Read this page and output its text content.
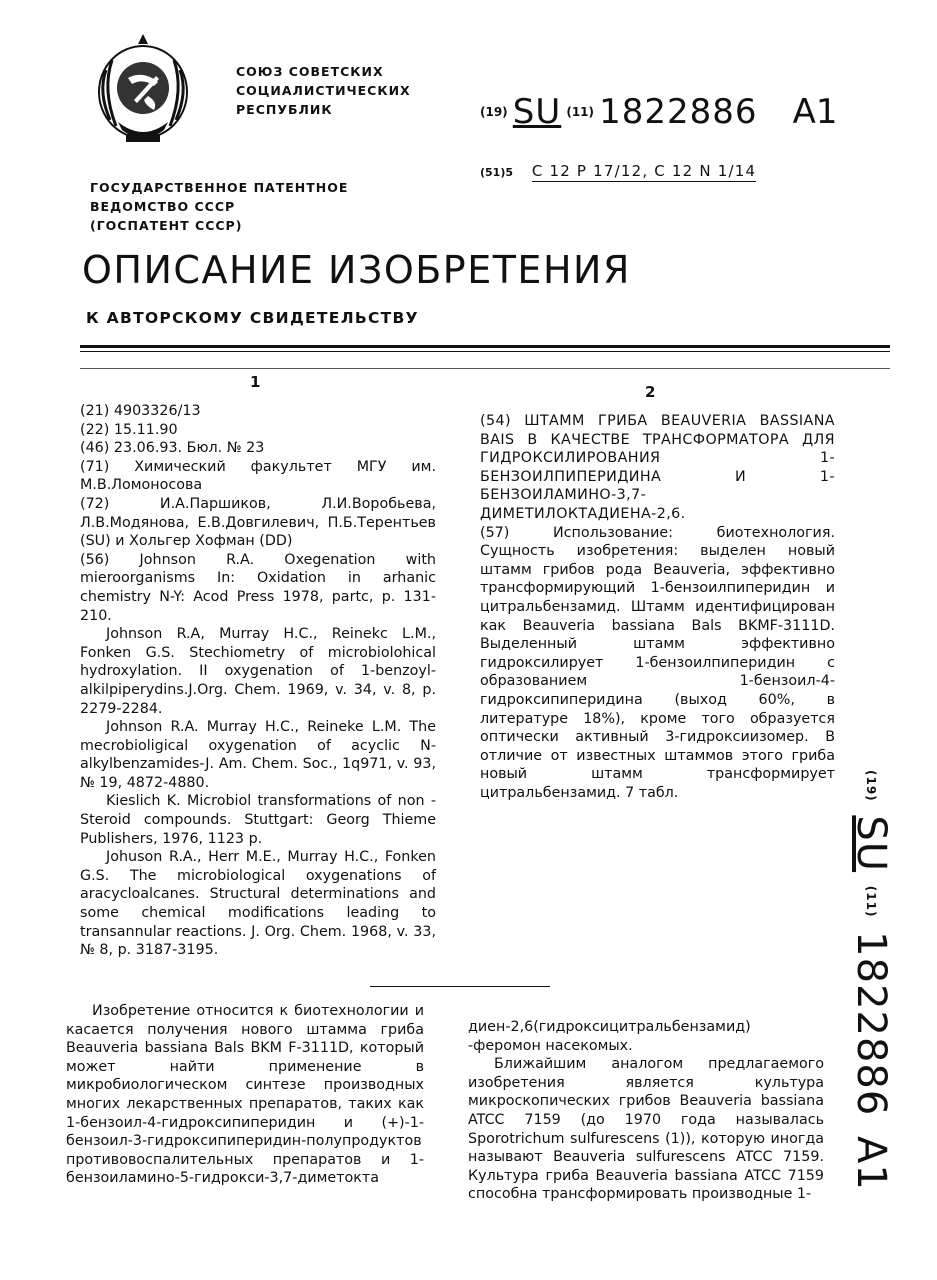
СОЮЗ СОВЕТСКИХ
СОЦИАЛИСТИЧЕСКИХ
РЕСПУБЛИК	(19) SU (11) 1822886 A1
(51)5 С 12 Р 17/12, С 12 N 1/14
ГОСУДАРСТВЕННОЕ ПАТЕНТНОЕ
ВЕДОМСТВО СССР
(ГОСПАТЕНТ СССР)
ОПИСАНИЕ ИЗОБРЕТЕНИЯ
К АВТОРСКОМУ СВИДЕТЕЛЬСТВУ
1
2

(21) 4903326/13

(22) 15.11.90

(46) 23.06.93. Бюл. № 23

(71) Химический факультет МГУ им. М.В.Ломоносова

(72) И.А.Паршиков, Л.И.Воробьева, Л.В.Модянова, Е.В.Довгилевич, П.Б.Терентьев (SU) и Хольгер Хофман (DD)

(56) Johnson R.A. Oxegenation with mieroorganisms In: Oxidation in arhanic chemistry N-Y: Acod Press 1978, partc, p. 131-210.

Johnson R.A, Murray H.C., Reinekc L.M., Fonken G.S. Stechiometry of microbiolohical hydroxylation. II oxygenation of 1-benzoyl-alkilpiperydins.J.Org. Chem. 1969, v. 34, v. 8, p. 2279-2284.

Johnson R.A. Murray H.C., Reineke L.M. The mecrobioligical oxygenation of acyclic N-alkylbenzamides-J. Am. Chem. Soc., 1q971, v. 93, № 19, 4872-4880.

Kieslich K. Microbiol transformations of non - Steroid compounds. Stuttgart: Georg Thieme Publishers, 1976, 1123 p.

Johuson R.A., Herr M.E., Murray H.C., Fonken G.S. The microbiological oxygenations of aracycloalcanes. Structural determinations and some chemical modifications leading to transannular reactions. J. Org. Chem. 1968, v. 33, № 8, p. 3187-3195.

(54) ШТАММ ГРИБА BEAUVERIA BASSIANA BAIS В КАЧЕСТВЕ ТРАНСФОРМАТОРА ДЛЯ ГИДРОКСИЛИРОВАНИЯ 1-БЕНЗОИЛПИПЕРИДИНА И 1-БЕНЗОИЛАМИНО-3,7-ДИМЕТИЛОКТАДИЕНА-2,6.

(57) Использование: биотехнология. Сущность изобретения: выделен новый штамм грибов рода Beauveria, эффективно трансформирующий 1-бензоилпиперидин и цитральбензамид. Штамм идентифицирован как Beauveria bassiana Bals BKMF-3111D. Выделенный штамм эффективно гидроксилирует 1-бензоилпиперидин с образованием 1-бензоил-4-гидроксипиперидина (выход 60%, в литературе 18%), кроме того образуется оптически активный 3-гидроксиизомер. В отличие от известных штаммов этого гриба новый штамм трансформирует цитральбензамид. 7 табл.

Изобретение относится к биотехнологии и касается получения нового штамма гриба Beauveria bassiana Bals BKM F-3111D, который может найти применение в микробиологическом синтезе производных многих лекарственных препаратов, таких как 1-бензоил-4-гидроксипиперидин и (+)-1-бензоил-3-гидроксипиперидин-полупродуктов противовоспалительных препаратов и 1-бензоиламино-5-гидрокси-3,7-диметокта

диен-2,6(гидроксицитральбензамид) -феромон насекомых.

Ближайшим аналогом предлагаемого изобретения является культура микроскопических грибов Beauveria bassiana ATCC 7159 (до 1970 года называлась Sporotrichum sulfurescens (1)), которую иногда называют Beauveria sulfurescens ATCC 7159. Культура гриба Beauveria bassiana ATCC 7159 способна трансформировать производные 1-

(19) SU (11) 1822886 A1
